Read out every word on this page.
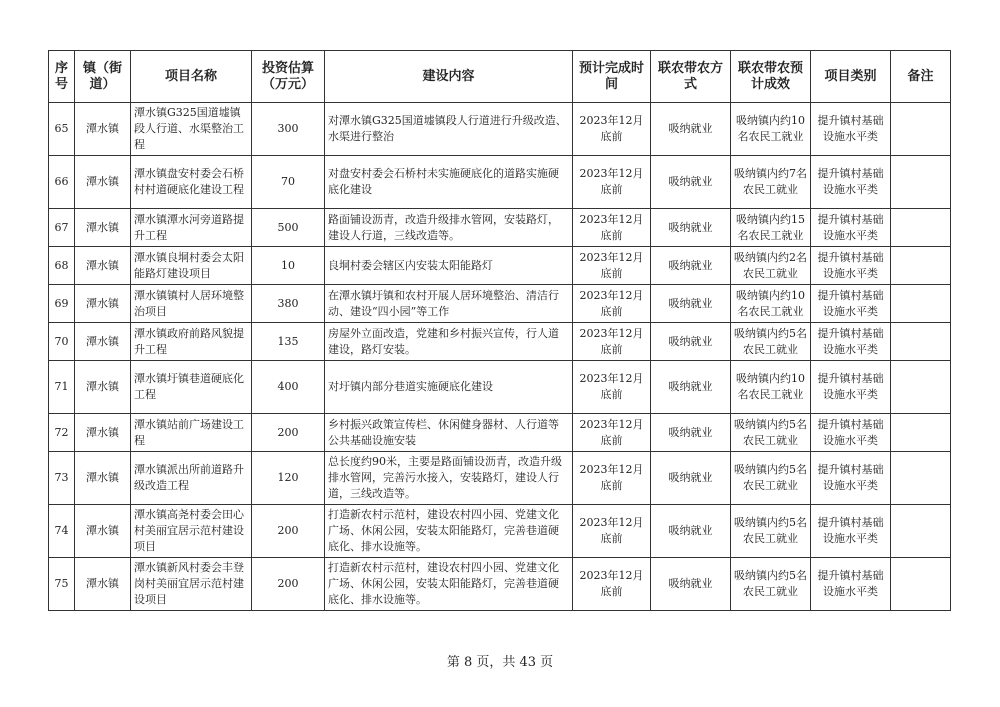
序号	镇（街道）	项目名称	投资估算（万元）	建设内容	预计完成时间	联农带农方式	联农带农预计成效	项目类别	备注
65	潭水镇	潭水镇G325国道墟镇段人行道、水渠整治工程	300	对潭水镇G325国道墟镇段人行道进行升级改造、水渠进行整治	2023年12月底前	吸纳就业	吸纳镇内约10名农民工就业	提升镇村基础设施水平类	
66	潭水镇	潭水镇盘安村委会石桥村村道硬底化建设工程	70	对盘安村委会石桥村未实施硬底化的道路实施硬底化建设	2023年12月底前	吸纳就业	吸纳镇内约7名农民工就业	提升镇村基础设施水平类	
67	潭水镇	潭水镇潭水河旁道路提升工程	500	路面铺设沥青，改造升级排水管网，安装路灯，建设人行道，三线改造等。	2023年12月底前	吸纳就业	吸纳镇内约15名农民工就业	提升镇村基础设施水平类	
68	潭水镇	潭水镇良垌村委会太阳能路灯建设项目	10	良垌村委会辖区内安装太阳能路灯	2023年12月底前	吸纳就业	吸纳镇内约2名农民工就业	提升镇村基础设施水平类	
69	潭水镇	潭水镇镇村人居环境整治项目	380	在潭水镇圩镇和农村开展人居环境整治、清洁行动、建设“四小园”等工作	2023年12月底前	吸纳就业	吸纳镇内约10名农民工就业	提升镇村基础设施水平类	
70	潭水镇	潭水镇政府前路风貌提升工程	135	房屋外立面改造，党建和乡村振兴宣传，行人道建设，路灯安装。	2023年12月底前	吸纳就业	吸纳镇内约5名农民工就业	提升镇村基础设施水平类	
71	潭水镇	潭水镇圩镇巷道硬底化工程	400	对圩镇内部分巷道实施硬底化建设	2023年12月底前	吸纳就业	吸纳镇内约10名农民工就业	提升镇村基础设施水平类	
72	潭水镇	潭水镇站前广场建设工程	200	乡村振兴政策宣传栏、休闲健身器材、人行道等公共基础设施安装	2023年12月底前	吸纳就业	吸纳镇内约5名农民工就业	提升镇村基础设施水平类	
73	潭水镇	潭水镇派出所前道路升级改造工程	120	总长度约90米，主要是路面铺设沥青，改造升级排水管网，完善污水接入，安装路灯，建设人行道，三线改造等。	2023年12月底前	吸纳就业	吸纳镇内约5名农民工就业	提升镇村基础设施水平类	
74	潭水镇	潭水镇高尧村委会田心村美丽宜居示范村建设项目	200	打造新农村示范村，建设农村四小园、党建文化广场、休闲公园，安装太阳能路灯，完善巷道硬底化、排水设施等。	2023年12月底前	吸纳就业	吸纳镇内约5名农民工就业	提升镇村基础设施水平类	
75	潭水镇	潭水镇新风村委会丰登岗村美丽宜居示范村建设项目	200	打造新农村示范村，建设农村四小园、党建文化广场、休闲公园，安装太阳能路灯，完善巷道硬底化、排水设施等。	2023年12月底前	吸纳就业	吸纳镇内约5名农民工就业	提升镇村基础设施水平类	
第 8 页，共 43 页
